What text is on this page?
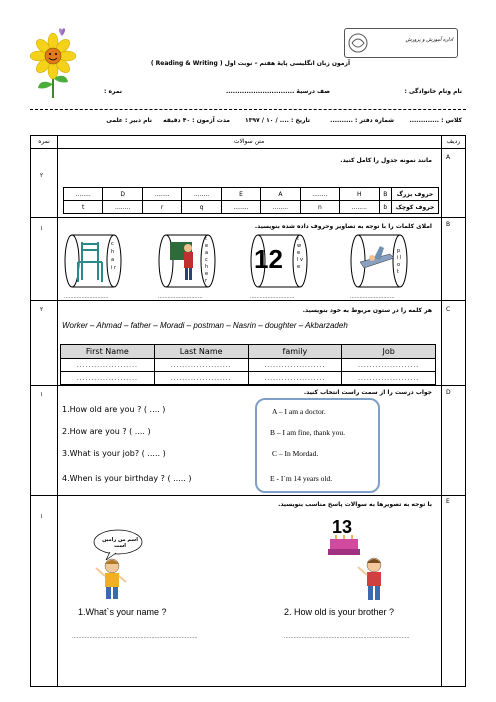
اداره آموزش و پرورش
آزمون زبان انگلیسی پایهٔ هفتم – نوبت اول ( Reading & Writing )
نام ونام خانوادگی :
صف درسیهٔ ..............................
نمره :
کلاس : .............
شماره دفتر : ..........
تاریخ : .... / ۱۰ / ۱۳۹۷
مدت آزمون : ۴۰ دقیقه
نام دبیر : علمی
نمره	متن سوالات	ردیف
A
۲
مانند نمونه جدول را کامل کنید.
........	D	........	........	E	A	........	H	B	حروف بزرگ
t	........	r	q	........	........	n	........	b	حروف کوچک
B
۱	املای کلمات را با توجه به تصاویر وحروف داده شده بنویسید.
c h a i r
............................
t e a c h e r
............................
12
t w e l v e
............................
p i l o t
............................
C
۲	هر کلمه را در ستون مربوط به خود بنویسید.
Worker – Ahmad – father – Moradi – postman – Nasrin – doughter – Akbarzadeh
First Name	Last Name	family	Job
.....................	.....................	.....................	.....................
.....................	.....................	.....................	.....................
D
۱	جواب درست را از سمت راست انتخاب کنید.
1.How old are you ? ( .... )
2.How are you ? ( .... )
3.What is your job? ( ..... )
4.When is your birthday ? ( ..... )
A – I am a doctor.
B – I am fine, thank you.
C – In Mordad.
E - I`m 14 years old.
E
۱
با توجه به تصویرها به سوالات پاسخ مناسب بنویسید.
اسم من رامین است
13
1.What`s your name ?	2. How old is your brother ?
...............................................................................	...............................................................................
